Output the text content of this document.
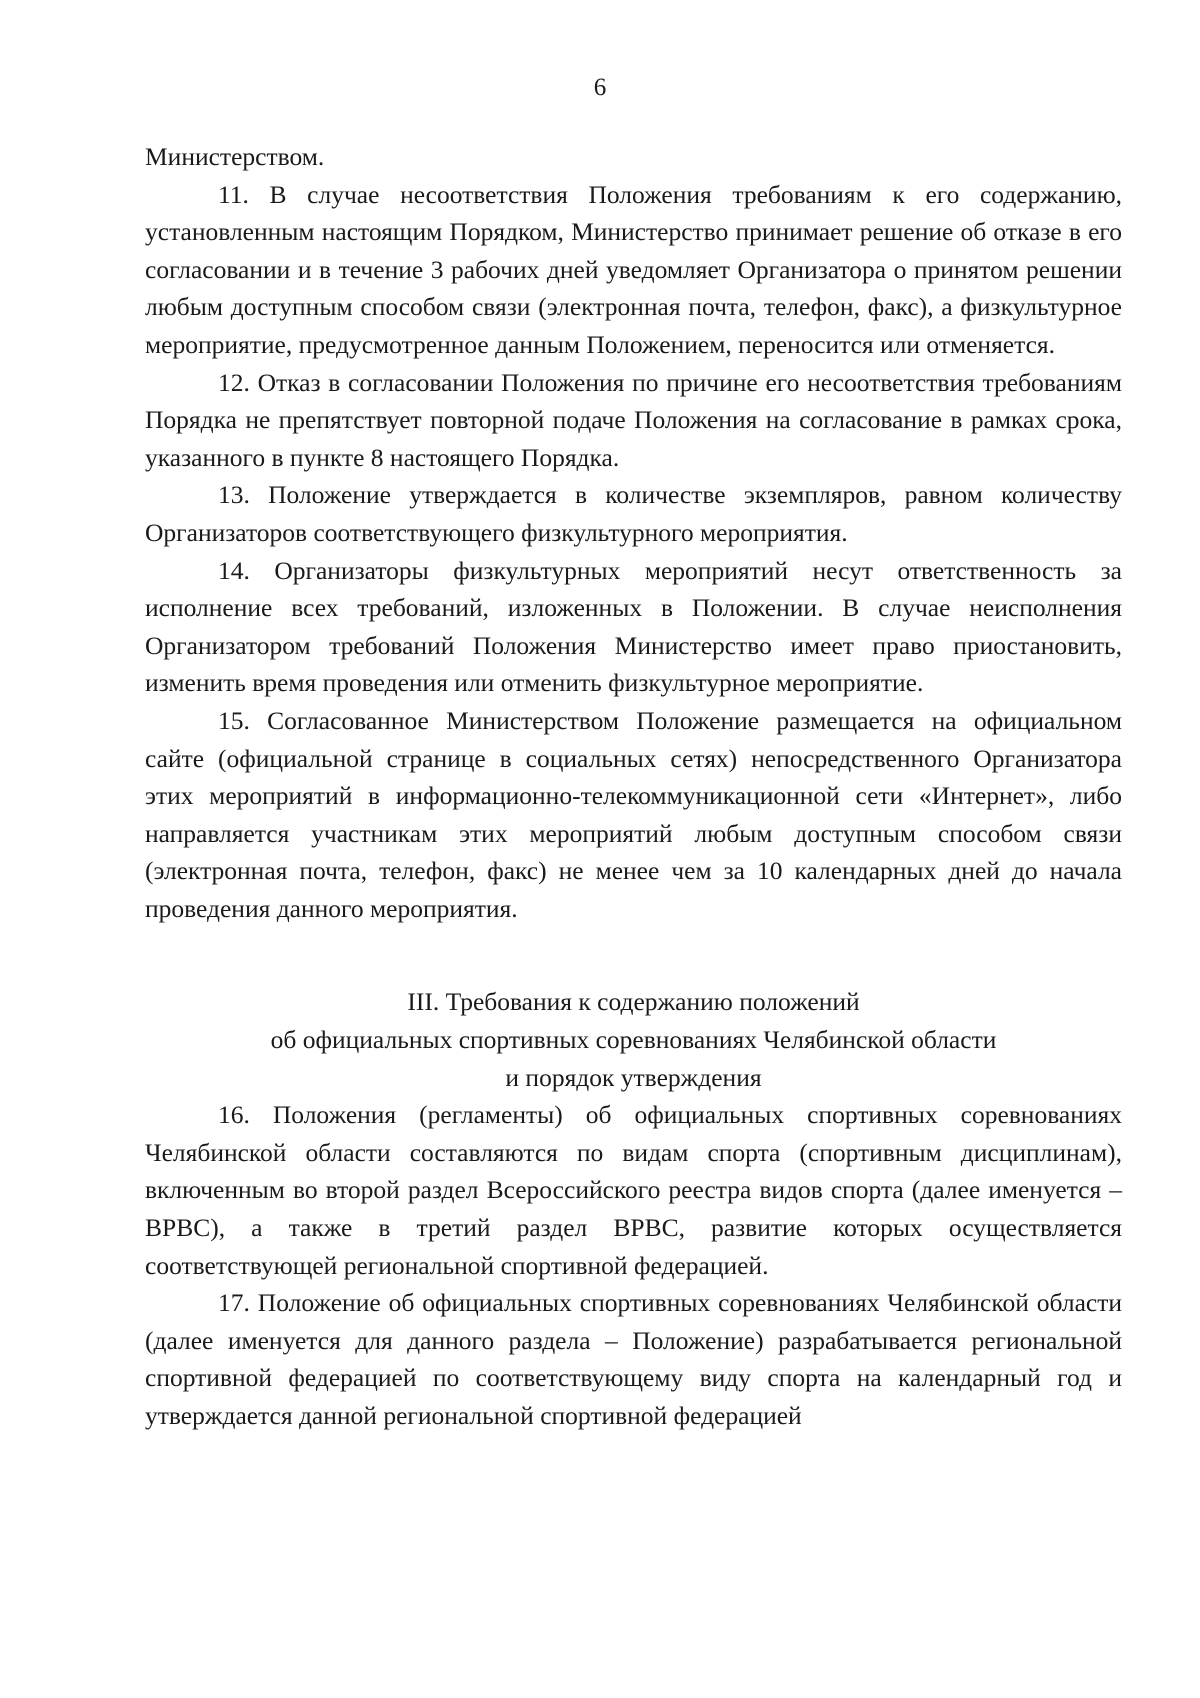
6

Министерством.

11. В случае несоответствия Положения требованиям к его содержанию, установленным настоящим Порядком, Министерство принимает решение об отказе в его согласовании и в течение 3 рабочих дней уведомляет Организатора о принятом решении любым доступным способом связи (электронная почта, телефон, факс), а физкультурное мероприятие, предусмотренное данным Положением, переносится или отменяется.

12. Отказ в согласовании Положения по причине его несоответствия требованиям Порядка не препятствует повторной подаче Положения на согласование в рамках срока, указанного в пункте 8 настоящего Порядка.

13. Положение утверждается в количестве экземпляров, равном количеству Организаторов соответствующего физкультурного мероприятия.

14. Организаторы физкультурных мероприятий несут ответственность за исполнение всех требований, изложенных в Положении. В случае неисполнения Организатором требований Положения Министерство имеет право приостановить, изменить время проведения или отменить физкультурное мероприятие.

15. Согласованное Министерством Положение размещается на официальном сайте (официальной странице в социальных сетях) непосредственного Организатора этих мероприятий в информационно-телекоммуникационной сети «Интернет», либо направляется участникам этих мероприятий любым доступным способом связи (электронная почта, телефон, факс) не менее чем за 10 календарных дней до начала проведения данного мероприятия.

III. Требования к содержанию положений
об официальных спортивных соревнованиях Челябинской области
и порядок утверждения

16. Положения (регламенты) об официальных спортивных соревнованиях Челябинской области составляются по видам спорта (спортивным дисциплинам), включенным во второй раздел Всероссийского реестра видов спорта (далее именуется – ВРВС), а также в третий раздел ВРВС, развитие которых осуществляется соответствующей региональной спортивной федерацией.

17. Положение об официальных спортивных соревнованиях Челябинской области (далее именуется для данного раздела – Положение) разрабатывается региональной спортивной федерацией по соответствующему виду спорта на календарный год и утверждается данной региональной спортивной федерацией
